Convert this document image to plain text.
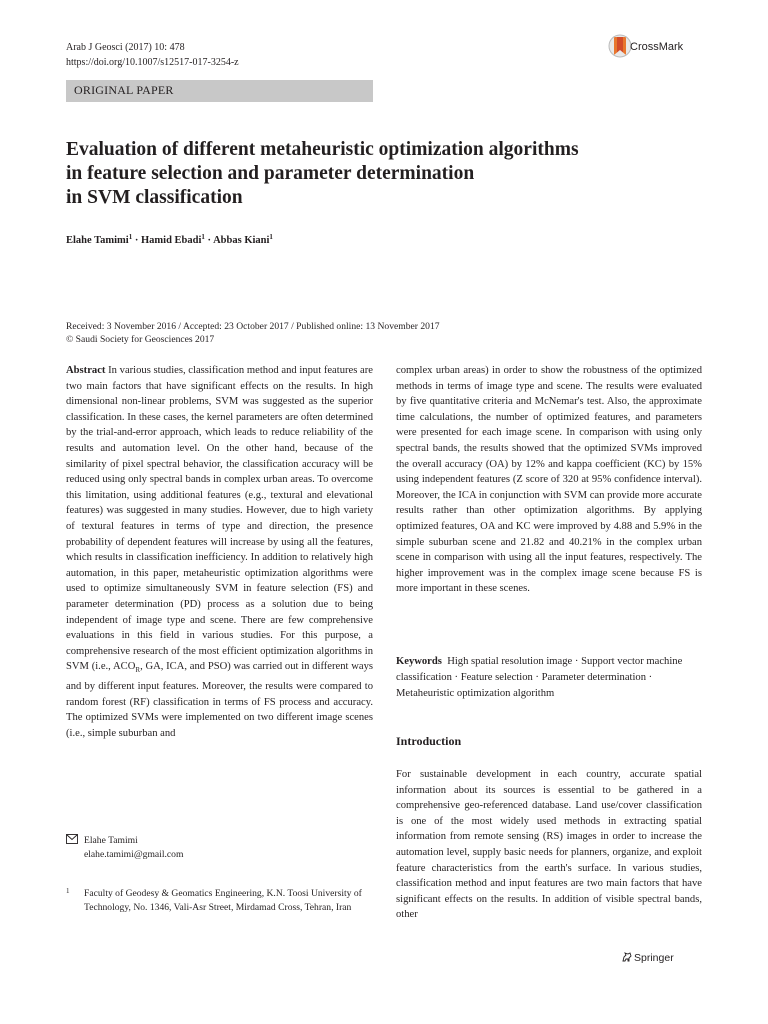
Arab J Geosci (2017) 10: 478
https://doi.org/10.1007/s12517-017-3254-z
CrossMark
ORIGINAL PAPER
Evaluation of different metaheuristic optimization algorithms
in feature selection and parameter determination
in SVM classification
Elahe Tamimi$^1$ · Hamid Ebadi$^1$ · Abbas Kiani$^1$
Received: 3 November 2016 / Accepted: 23 October 2017 / Published online: 13 November 2017
© Saudi Society for Geosciences 2017

Abstract In various studies, classification method and input features are two main factors that have significant effects on the results. In high dimensional non-linear problems, SVM was suggested as the superior classification. In these cases, the kernel parameters are often determined by the trial-and-error approach, which leads to reduce reliability of the results and automation level. On the other hand, because of the similarity of pixel spectral behavior, the classification accuracy will be reduced using only spectral bands in complex urban areas. To overcome this limitation, using additional features (e.g., textural and elevational features) was suggested in many studies. However, due to high variety of textural features in terms of type and direction, the presence probability of dependent features will increase by using all the features, which results in classification inefficiency. In addition to relatively high automation, in this paper, metaheuristic optimization algorithms were used to optimize simultaneously SVM in feature selection (FS) and parameter determination (PD) process as a solution due to being independent of image type and scene. There are few comprehensive evaluations in this field in various studies. For this purpose, a comprehensive research of the most efficient optimization algorithms in SVM (i.e., $ACO_R$, GA, ICA, and PSO) was carried out in different ways and by different input features. Moreover, the results were compared to random forest (RF) classification in terms of FS process and accuracy. The optimized SVMs were implemented on two different image scenes (i.e., simple suburban and

complex urban areas) in order to show the robustness of the optimized methods in terms of image type and scene. The results were evaluated by five quantitative criteria and McNemar's test. Also, the approximate time calculations, the number of optimized features, and parameters were presented for each image scene. In comparison with using only spectral bands, the results showed that the optimized SVMs improved the overall accuracy (OA) by 12% and kappa coefficient (KC) by 15% using independent features (Z score of 320 at 95% confidence interval). Moreover, the ICA in conjunction with SVM can provide more accurate results rather than other optimization algorithms. By applying optimized features, OA and KC were improved by 4.88 and 5.9% in the simple suburban scene and 21.82 and 40.21% in the complex urban scene in comparison with using all the input features, respectively. The higher improvement was in the complex image scene because FS is more important in these scenes.

Keywords High spatial resolution image · Support vector machine classification · Feature selection · Parameter determination · Metaheuristic optimization algorithm
Introduction

For sustainable development in each country, accurate spatial information about its sources is essential to be gathered in a comprehensive geo-referenced database. Land use/cover classification is one of the most widely used methods in extracting spatial information from remote sensing (RS) images in order to increase the automation level, supply basic needs for planners, organize, and exploit feature characteristics from the earth's surface. In various studies, classification method and input features are two main factors that have significant effects on the results. In addition of visible spectral bands, other

Elahe Tamimi
elahe.tamimi@gmail.com
1 Faculty of Geodesy & Geomatics Engineering, K.N. Toosi University of Technology, No. 1346, Vali-Asr Street, Mirdamad Cross, Tehran, Iran
Springer
